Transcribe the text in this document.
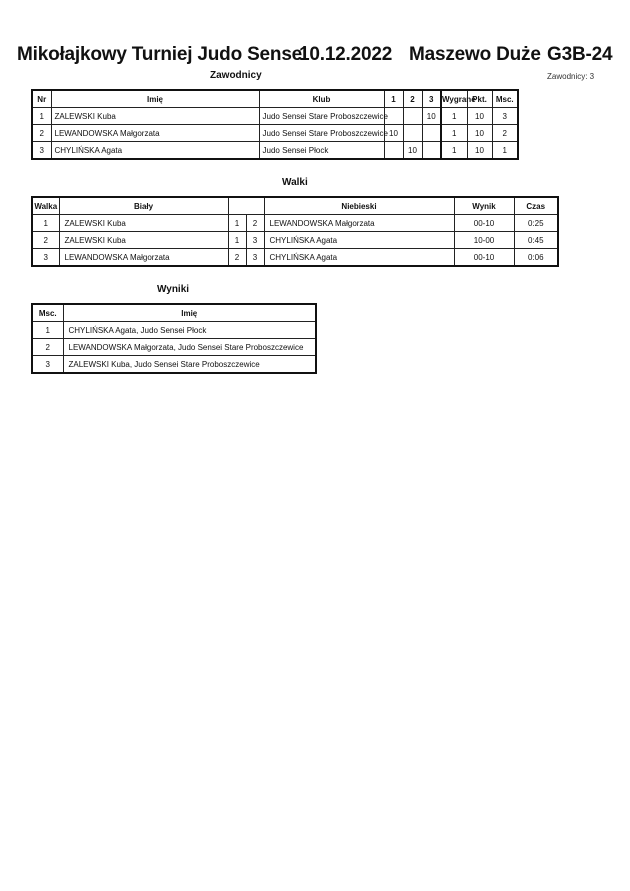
Mikołajkowy Turniej Judo Sensei
10.12.2022 Maszewo Duże G3B-24
Zawodnicy	Zawodnicy: 3
Nr	Imię	Klub	1	2	3	Wygrane	Pkt.	Msc.
1	ZALEWSKI Kuba	Judo Sensei Stare Proboszczewice			10	1	10	3
2	LEWANDOWSKA Małgorzata	Judo Sensei Stare Proboszczewice	10			1	10	2
3	CHYLIŃSKA Agata	Judo Sensei Płock		10		1	10	1
Walki
Walka	Biały			Niebieski	Wynik	Czas
1	ZALEWSKI Kuba	1	2	LEWANDOWSKA Małgorzata	00-10	0:25
2	ZALEWSKI Kuba	1	3	CHYLIŃSKA Agata	10-00	0:45
3	LEWANDOWSKA Małgorzata	2	3	CHYLIŃSKA Agata	00-10	0:06
Wyniki
Msc.	Imię
1	CHYLIŃSKA Agata, Judo Sensei Płock
2	LEWANDOWSKA Małgorzata, Judo Sensei Stare Proboszczewice
3	ZALEWSKI Kuba, Judo Sensei Stare Proboszczewice
